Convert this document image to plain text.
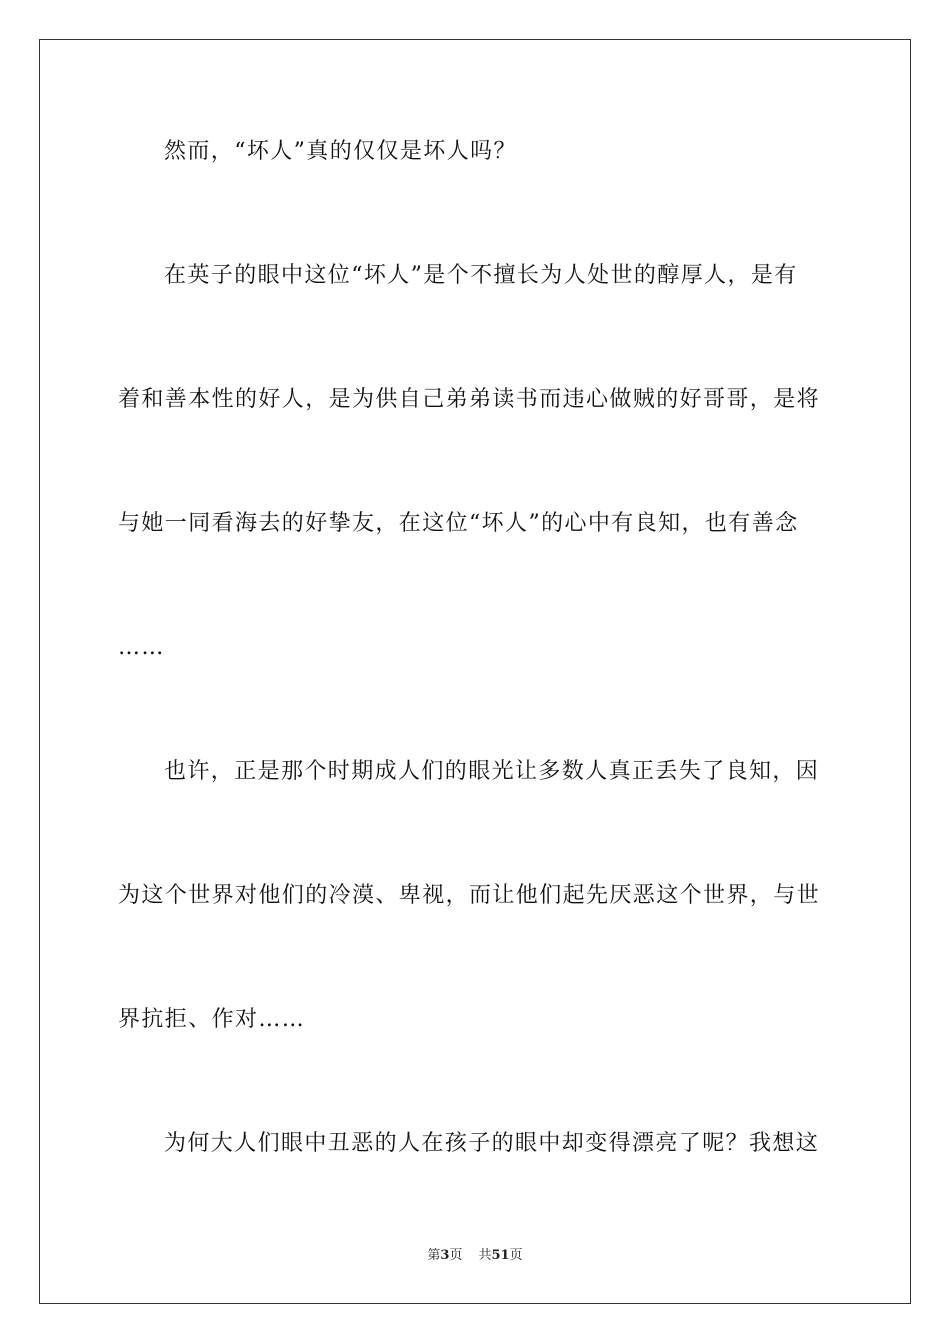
然而，“坏人”真的仅仅是坏人吗？
在英子的眼中这位“坏人”是个不擅长为人处世的醇厚人，是有
着和善本性的好人，是为供自己弟弟读书而违心做贼的好哥哥，是将
与她一同看海去的好挚友，在这位“坏人”的心中有良知，也有善念
……
也许，正是那个时期成人们的眼光让多数人真正丢失了良知，因
为这个世界对他们的冷漠、卑视，而让他们起先厌恶这个世界，与世
界抗拒、作对……
为何大人们眼中丑恶的人在孩子的眼中却变得漂亮了呢？我想这
第3页 共51页
